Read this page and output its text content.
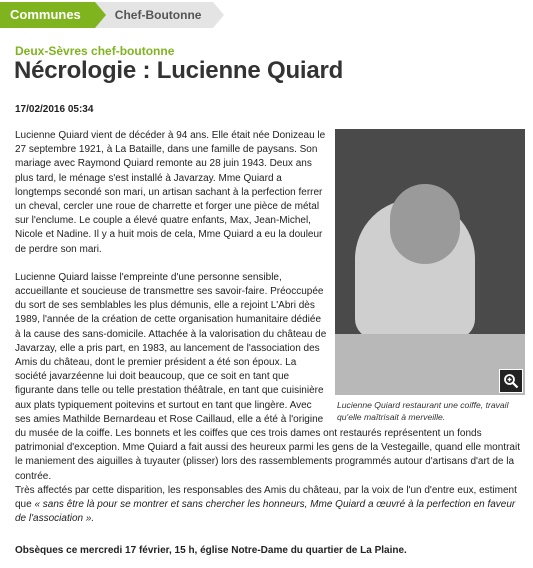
Communes	Chef-Boutonne
Deux-Sèvres chef-boutonne
Nécrologie : Lucienne Quiard
17/02/2016 05:34
Lucienne Quiard restaurant une coiffe, travail qu'elle maîtrisait à merveille.

Lucienne Quiard vient de décéder à 94 ans. Elle était née Donizeau le 27 septembre 1921, à La Bataille, dans une famille de paysans. Son mariage avec Raymond Quiard remonte au 28 juin 1943. Deux ans plus tard, le ménage s'est installé à Javarzay. Mme Quiard a longtemps secondé son mari, un artisan sachant à la perfection ferrer un cheval, cercler une roue de charrette et forger une pièce de métal sur l'enclume. Le couple a élevé quatre enfants, Max, Jean-Michel, Nicole et Nadine. Il y a huit mois de cela, Mme Quiard a eu la douleur de perdre son mari.

Lucienne Quiard laisse l'empreinte d'une personne sensible, accueillante et soucieuse de transmettre ses savoir-faire. Préoccupée du sort de ses semblables les plus démunis, elle a rejoint L'Abri dès 1989, l'année de la création de cette organisation humanitaire dédiée à la cause des sans-domicile. Attachée à la valorisation du château de Javarzay, elle a pris part, en 1983, au lancement de l'association des Amis du château, dont le premier président a été son époux. La société javarzéenne lui doit beaucoup, que ce soit en tant que figurante dans telle ou telle prestation théâtrale, en tant que cuisinière aux plats typiquement poitevins et surtout en tant que lingère. Avec ses amies Mathilde Bernardeau et Rose Caillaud, elle a été à l'origine du musée de la coiffe. Les bonnets et les coiffes que ces trois dames ont restaurés représentent un fonds patrimonial d'exception. Mme Quiard a fait aussi des heureux parmi les gens de la Vestegaille, quand elle montrait le maniement des aiguilles à tuyauter (plisser) lors des rassemblements programmés autour d'artisans d'art de la contrée.

Très affectés par cette disparition, les responsables des Amis du château, par la voix de l'un d'entre eux, estiment que « sans être là pour se montrer et sans chercher les honneurs, Mme Quiard a œuvré à la perfection en faveur de l'association ».

Obsèques ce mercredi 17 février, 15 h, église Notre-Dame du quartier de La Plaine.
